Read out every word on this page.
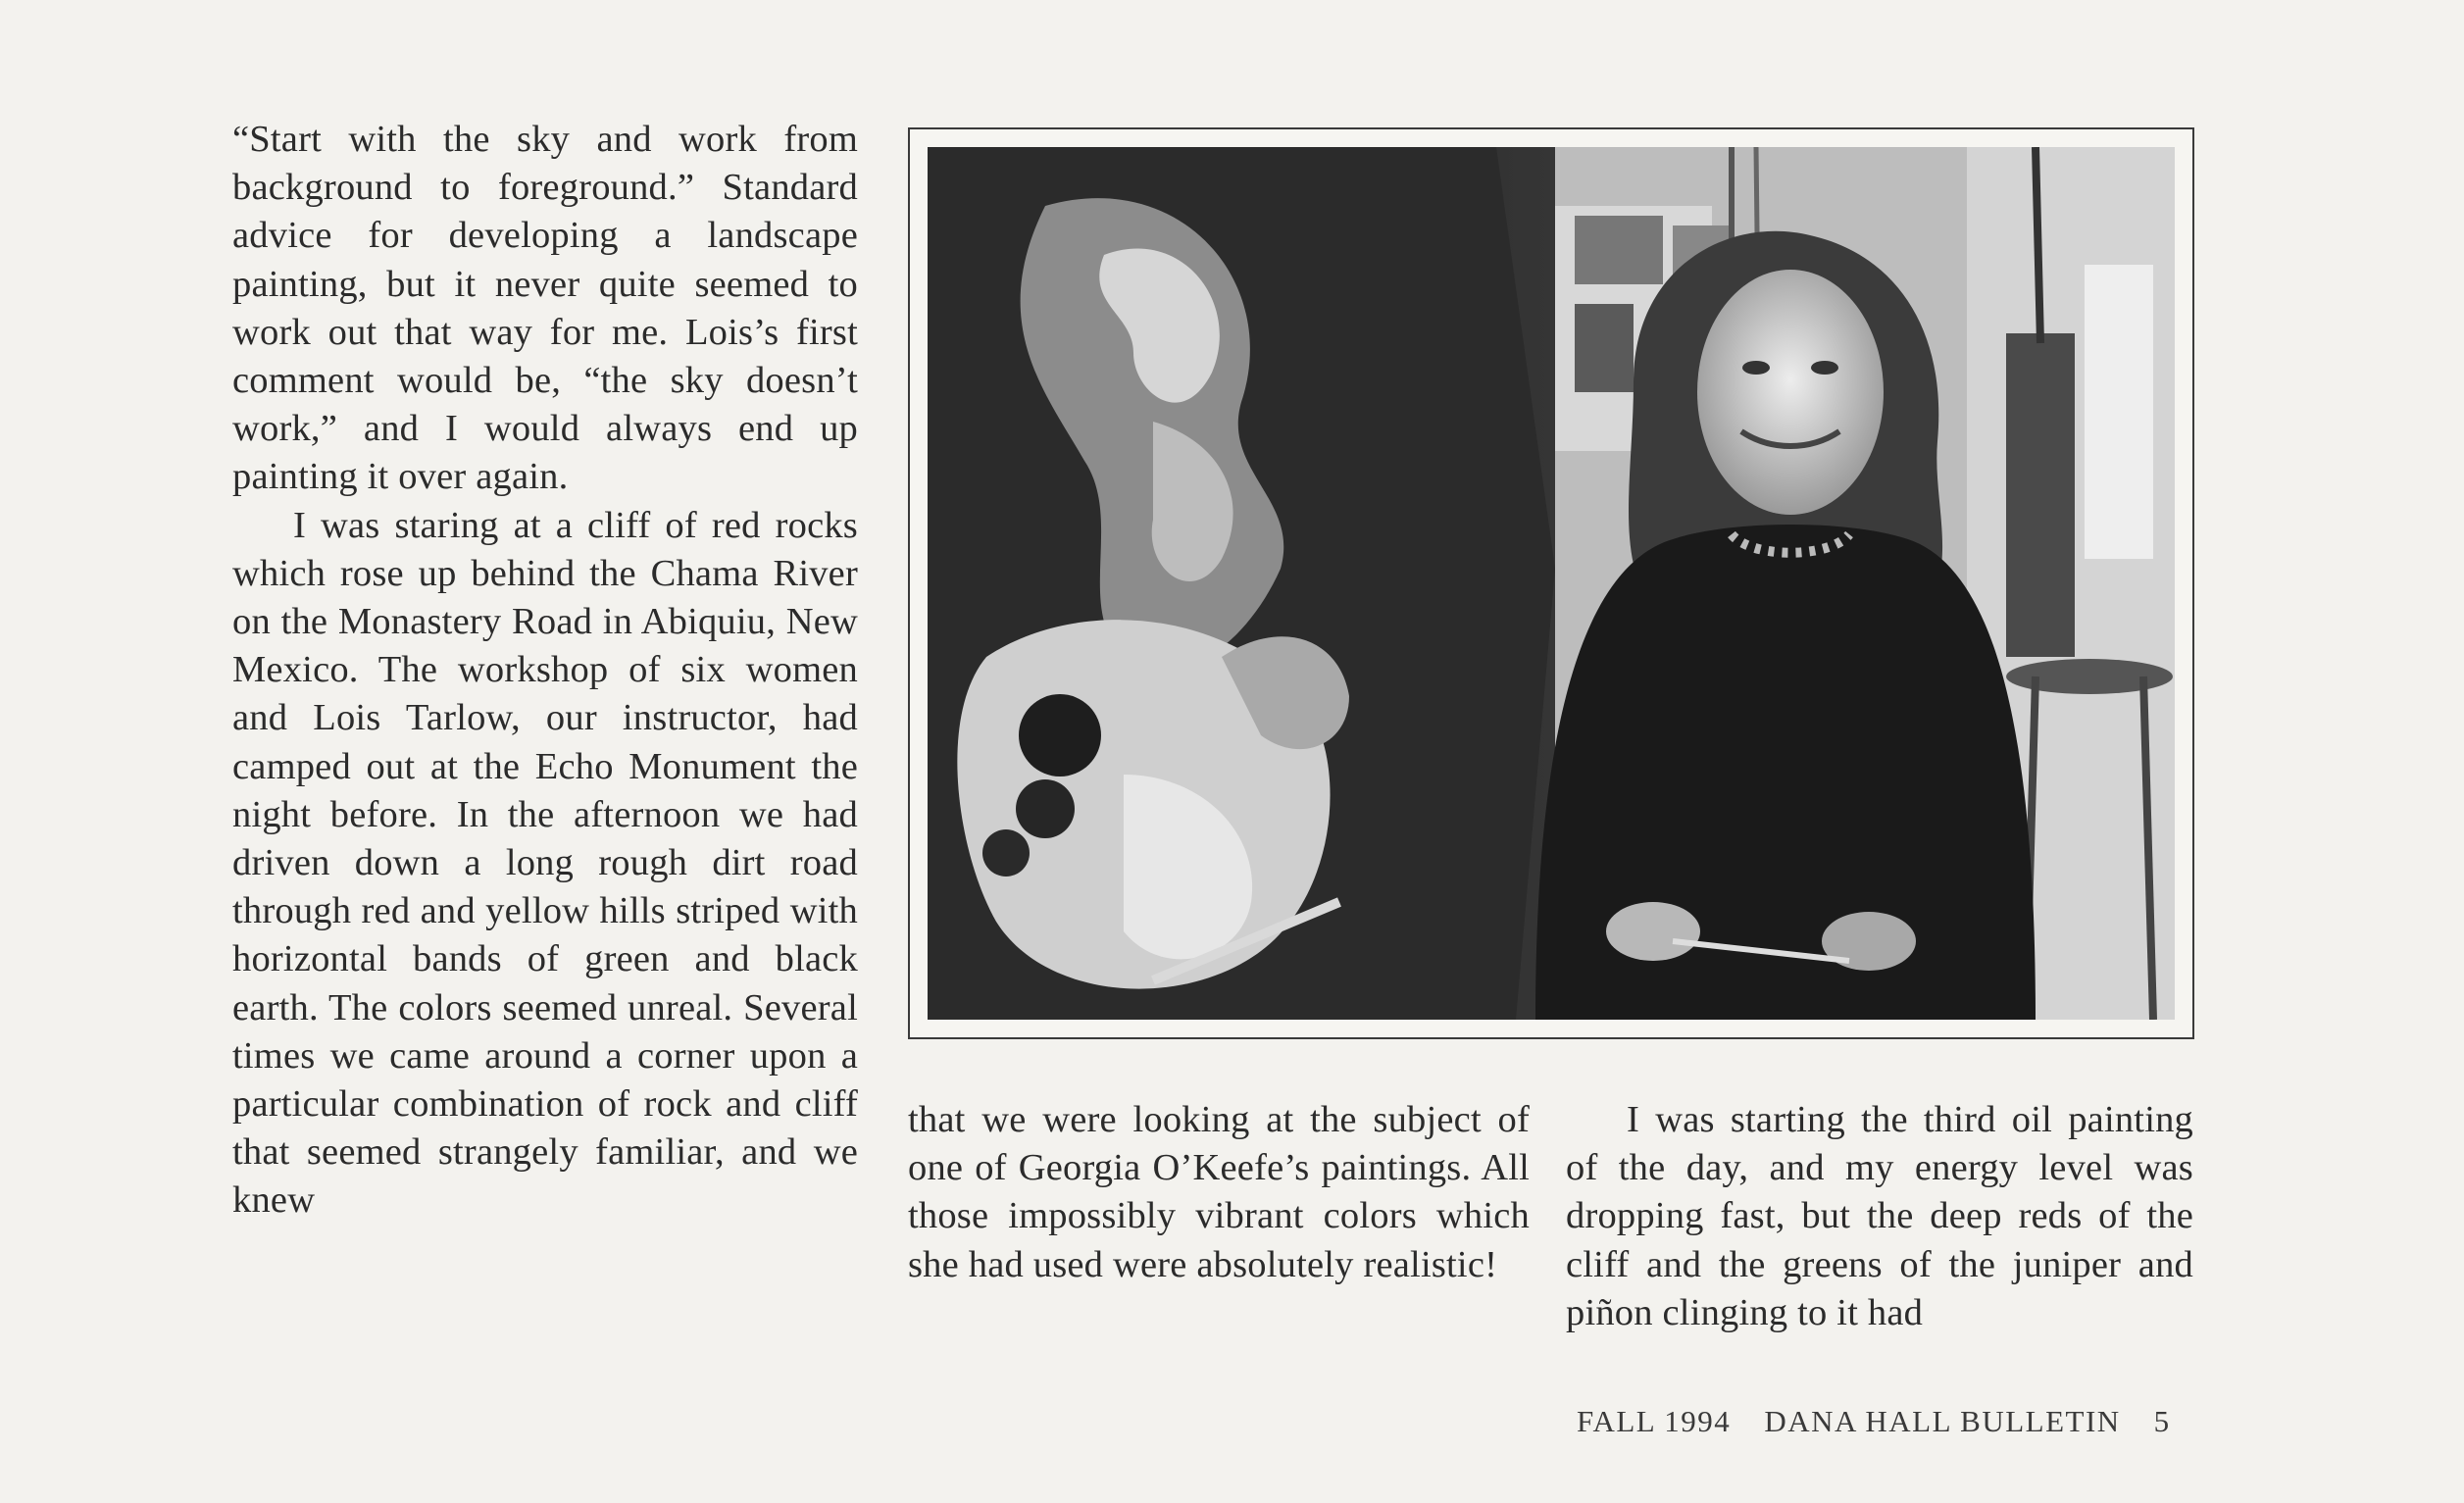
“Start with the sky and work from background to foreground.” Standard advice for developing a landscape painting, but it never quite seemed to work out that way for me. Lois’s first comment would be, “the sky doesn’t work,” and I would always end up painting it over again.

I was staring at a cliff of red rocks which rose up behind the Chama River on the Monastery Road in Abiquiu, New Mexico. The workshop of six women and Lois Tarlow, our instructor, had camped out at the Echo Monument the night before. In the afternoon we had driven down a long rough dirt road through red and yellow hills striped with horizontal bands of green and black earth. The colors seemed unreal. Several times we came around a corner upon a particular combination of rock and cliff that seemed strangely familiar, and we knew

that we were looking at the subject of one of Georgia O’Keefe’s paintings. All those impossibly vibrant colors which she had used were absolutely realistic!

I was starting the third oil painting of the day, and my energy level was dropping fast, but the deep reds of the cliff and the greens of the juniper and piñon clinging to it had

FALL 1994 DANA HALL BULLETIN 5
